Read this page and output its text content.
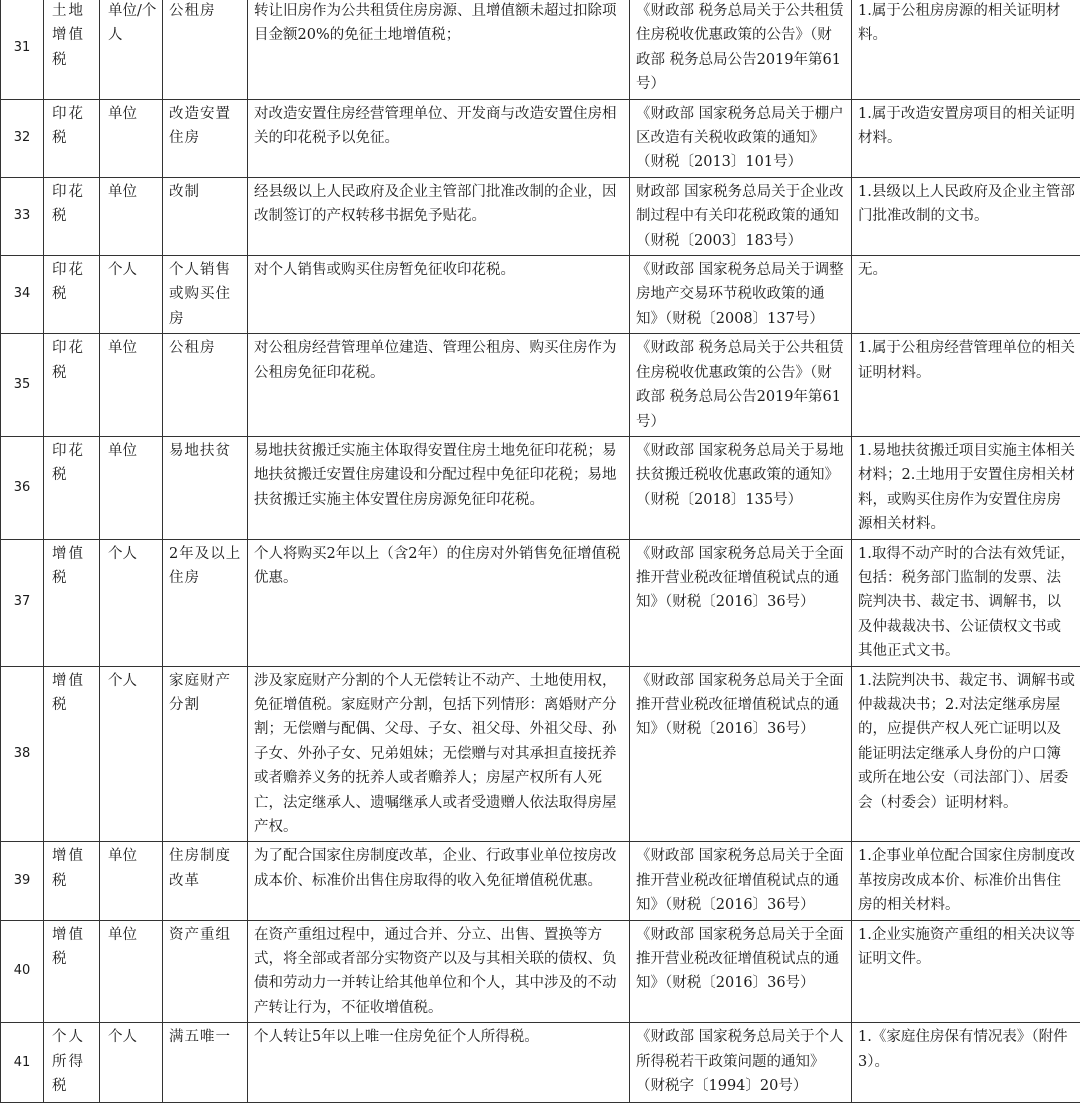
31	土地增值税	单位/个人	公租房	转让旧房作为公共租赁住房房源、且增值额未超过扣除项目金额20%的免征土地增值税；	《财政部 税务总局关于公共租赁住房税收优惠政策的公告》（财政部 税务总局公告2019年第61号）	1.属于公租房房源的相关证明材料。
32	印花税	单位	改造安置住房	对改造安置住房经营管理单位、开发商与改造安置住房相关的印花税予以免征。	《财政部 国家税务总局关于棚户区改造有关税收政策的通知》（财税〔2013〕101号）	1.属于改造安置房项目的相关证明材料。
33	印花税	单位	改制	经县级以上人民政府及企业主管部门批准改制的企业，因改制签订的产权转移书据免予贴花。	财政部 国家税务总局关于企业改制过程中有关印花税政策的通知（财税〔2003〕183号）	1.县级以上人民政府及企业主管部门批准改制的文书。
34	印花税	个人	个人销售或购买住房	对个人销售或购买住房暂免征收印花税。	《财政部 国家税务总局关于调整房地产交易环节税收政策的通知》（财税〔2008〕137号）	无。
35	印花税	单位	公租房	对公租房经营管理单位建造、管理公租房、购买住房作为公租房免征印花税。	《财政部 税务总局关于公共租赁住房税收优惠政策的公告》（财政部 税务总局公告2019年第61号）	1.属于公租房经营管理单位的相关证明材料。
36	印花税	单位	易地扶贫	易地扶贫搬迁实施主体取得安置住房土地免征印花税；易地扶贫搬迁安置住房建设和分配过程中免征印花税；易地扶贫搬迁实施主体安置住房房源免征印花税。	《财政部 国家税务总局关于易地扶贫搬迁税收优惠政策的通知》（财税〔2018〕135号）	1.易地扶贫搬迁项目实施主体相关材料；2.土地用于安置住房相关材料，或购买住房作为安置住房房源相关材料。
37	增值税	个人	2年及以上住房	个人将购买2年以上（含2年）的住房对外销售免征增值税优惠。	《财政部 国家税务总局关于全面推开营业税改征增值税试点的通知》（财税〔2016〕36号）	1.取得不动产时的合法有效凭证，包括：税务部门监制的发票、法院判决书、裁定书、调解书，以及仲裁裁决书、公证债权文书或其他正式文书。
38	增值税	个人	家庭财产分割	涉及家庭财产分割的个人无偿转让不动产、土地使用权，免征增值税。家庭财产分割，包括下列情形：离婚财产分割；无偿赠与配偶、父母、子女、祖父母、外祖父母、孙子女、外孙子女、兄弟姐妹；无偿赠与对其承担直接抚养或者赡养义务的抚养人或者赡养人；房屋产权所有人死亡，法定继承人、遗嘱继承人或者受遗赠人依法取得房屋产权。	《财政部 国家税务总局关于全面推开营业税改征增值税试点的通知》（财税〔2016〕36号）	1.法院判决书、裁定书、调解书或仲裁裁决书；2.对法定继承房屋的，应提供产权人死亡证明以及能证明法定继承人身份的户口簿或所在地公安（司法部门）、居委会（村委会）证明材料。
39	增值税	单位	住房制度改革	为了配合国家住房制度改革，企业、行政事业单位按房改成本价、标准价出售住房取得的收入免征增值税优惠。	《财政部 国家税务总局关于全面推开营业税改征增值税试点的通知》（财税〔2016〕36号）	1.企事业单位配合国家住房制度改革按房改成本价、标准价出售住房的相关材料。
40	增值税	单位	资产重组	在资产重组过程中，通过合并、分立、出售、置换等方式，将全部或者部分实物资产以及与其相关联的债权、负债和劳动力一并转让给其他单位和个人，其中涉及的不动产转让行为，不征收增值税。	《财政部 国家税务总局关于全面推开营业税改征增值税试点的通知》（财税〔2016〕36号）	1.企业实施资产重组的相关决议等证明文件。
41	个人所得税	个人	满五唯一	个人转让5年以上唯一住房免征个人所得税。	《财政部 国家税务总局关于个人所得税若干政策问题的通知》（财税字〔1994〕20号）	1.《家庭住房保有情况表》（附件3）。
